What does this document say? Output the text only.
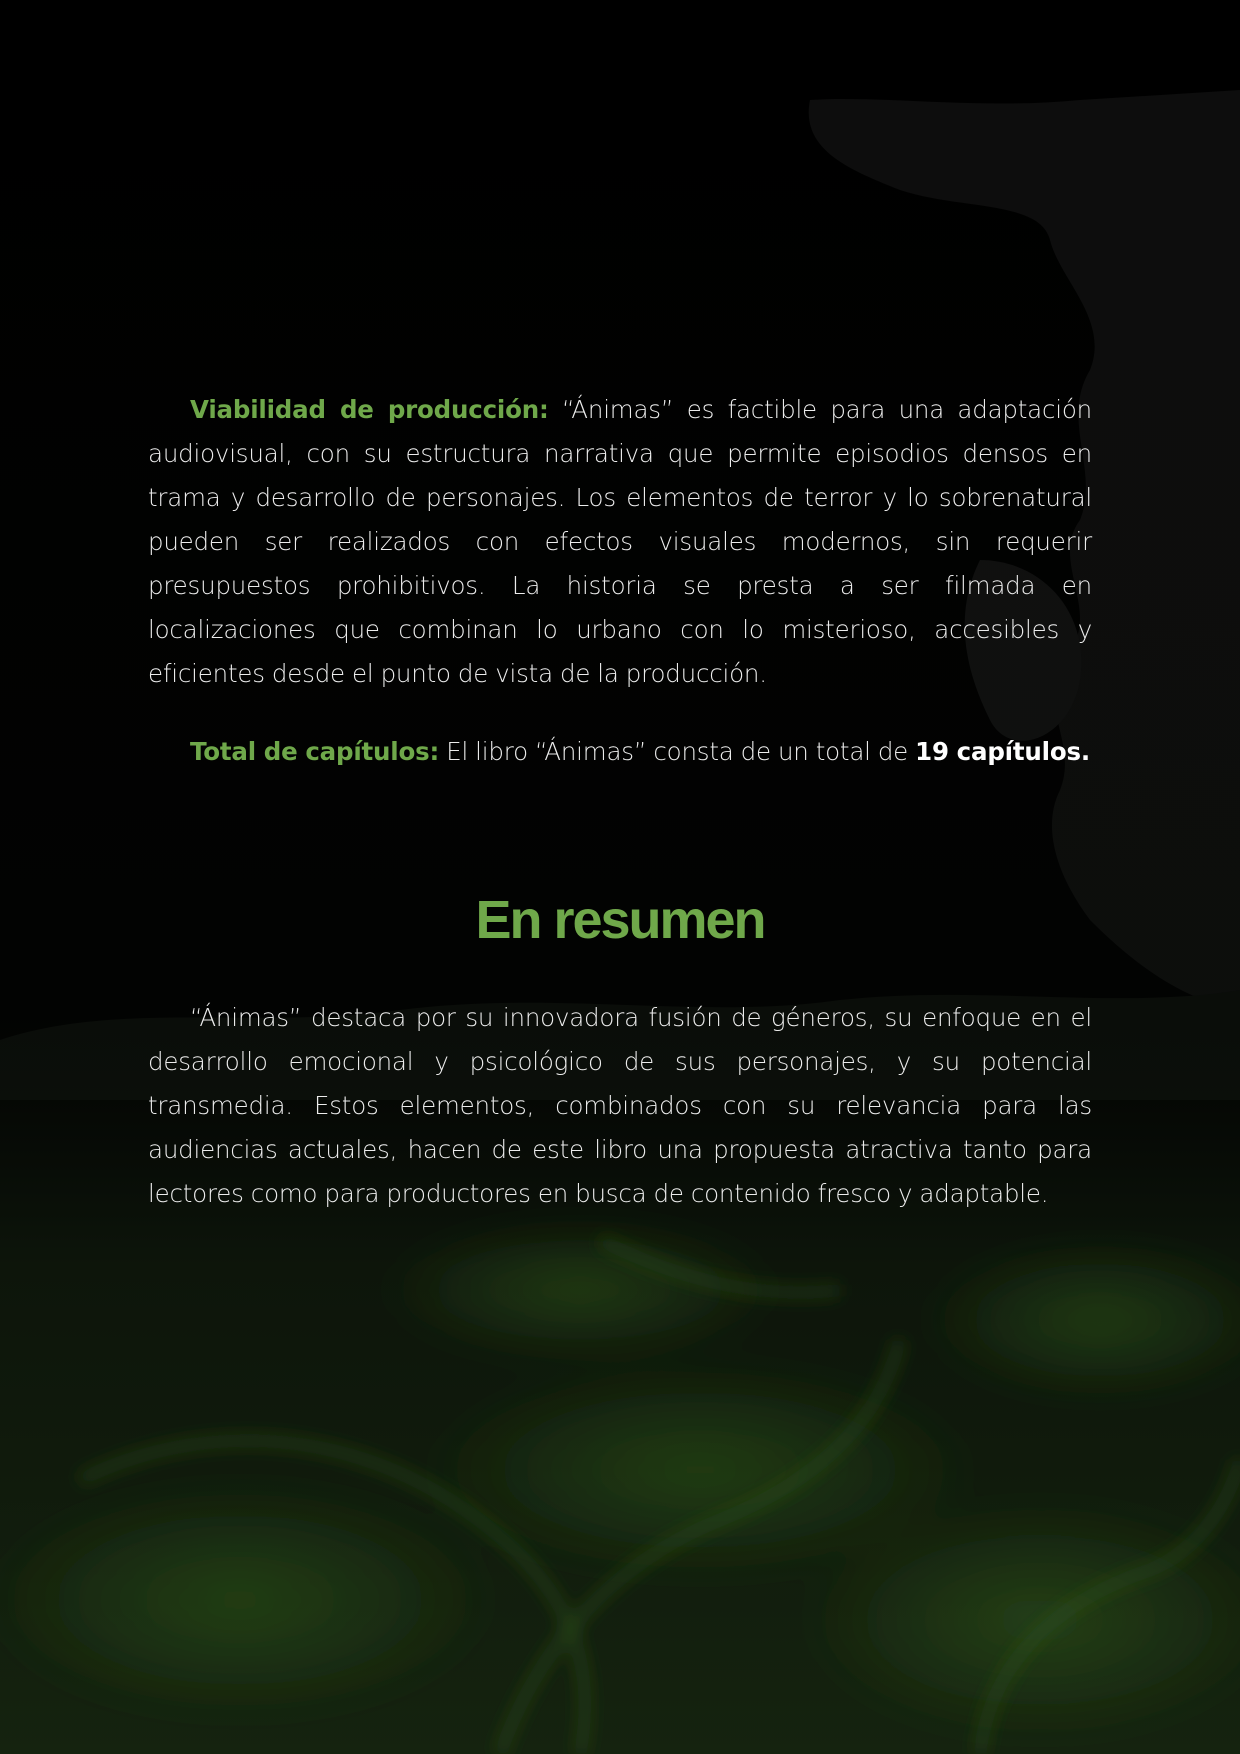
Viabilidad de producción: “Ánimas” es factible para una adaptación audiovisual, con su estructura narrativa que permite episodios densos en trama y desarrollo de personajes. Los elementos de terror y lo sobrenatural pueden ser realizados con efectos visuales modernos, sin requerir presupuestos prohibitivos. La historia se presta a ser filmada en localizaciones que combinan lo urbano con lo misterioso, accesibles y eficientes desde el punto de vista de la producción.

Total de capítulos: El libro “Ánimas” consta de un total de 19 capítulos.

En resumen

“Ánimas” destaca por su innovadora fusión de géneros, su enfoque en el desarrollo emocional y psicológico de sus personajes, y su potencial transmedia. Estos elementos, combinados con su relevancia para las audiencias actuales, hacen de este libro una propuesta atractiva tanto para lectores como para productores en busca de contenido fresco y adaptable.
